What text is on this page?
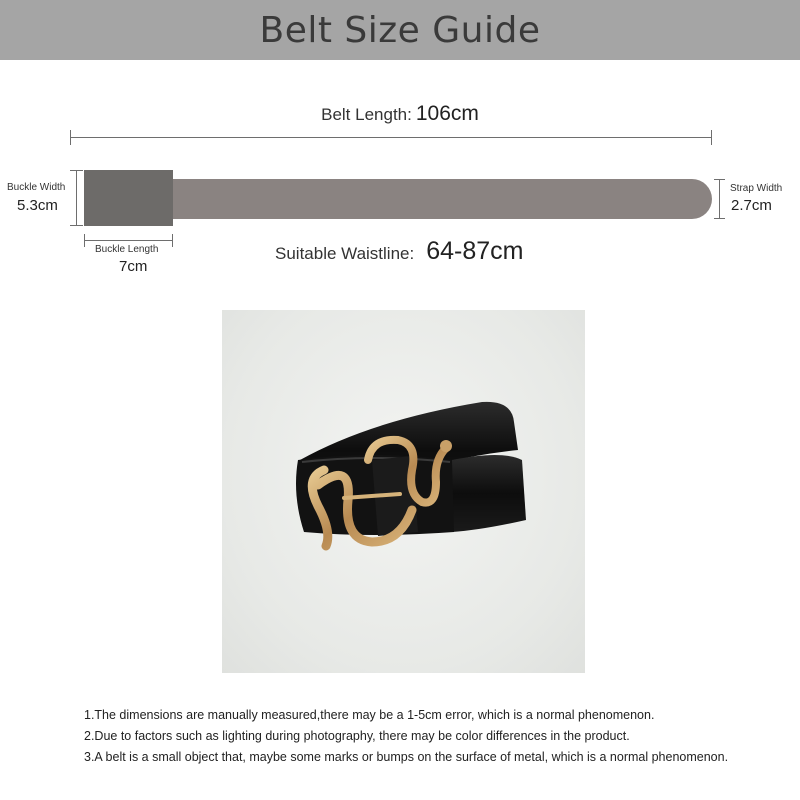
Belt Size Guide
Belt Length: 106cm
Buckle Width
5.3cm
Strap Width
2.7cm
Buckle Length
7cm
Suitable Waistline: 64-87cm

1.The dimensions are manually measured,there may be a 1-5cm error, which is a normal phenomenon.

2.Due to factors such as lighting during photography, there may be color differences in the product.

3.A belt is a small object that, maybe some marks or bumps on the surface of metal, which is a normal phenomenon.
